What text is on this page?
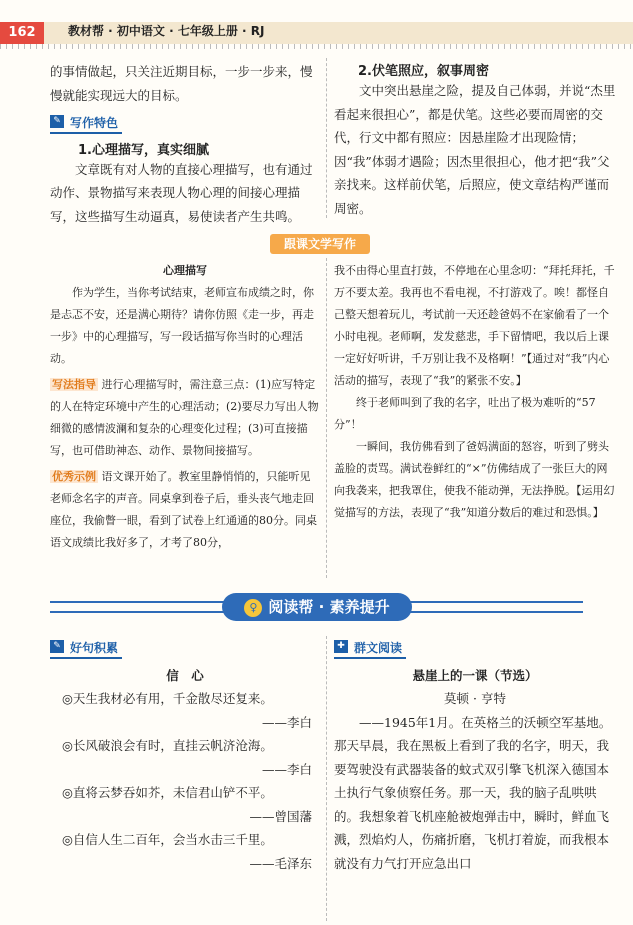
162	教材帮 · 初中语文 · 七年级上册 · RJ

的事情做起，只关注近期目标，一步一步来，慢慢就能实现远大的目标。

✎ 写作特色
1.心理描写，真实细腻

文章既有对人物的直接心理描写，也有通过动作、景物描写来表现人物心理的间接心理描写，这些描写生动逼真，易使读者产生共鸣。

2.伏笔照应，叙事周密

文中突出悬崖之险，提及自己体弱，并说“杰里看起来很担心”，都是伏笔。这些必要而周密的交代，行文中都有照应：因悬崖险才出现险情；因“我”体弱才遇险；因杰里很担心，他才把“我”父亲找来。这样前伏笔，后照应，使文章结构严谨而周密。

跟课文学写作
心理描写

作为学生，当你考试结束，老师宣布成绩之时，你是忐忑不安，还是满心期待？请你仿照《走一步，再走一步》中的心理描写，写一段话描写你当时的心理活动。

写法指导 进行心理描写时，需注意三点：(1)应写特定的人在特定环境中产生的心理活动；(2)要尽力写出人物细微的感情波澜和复杂的心理变化过程；(3)可直接描写，也可借助神态、动作、景物间接描写。

优秀示例 语文课开始了。教室里静悄悄的，只能听见老师念名字的声音。同桌拿到卷子后，垂头丧气地走回座位，我偷瞥一眼，看到了试卷上红通通的80分。同桌语文成绩比我好多了，才考了80分，

我不由得心里直打鼓，不停地在心里念叨：“拜托拜托，千万不要太差。我再也不看电视，不打游戏了。唉！都怪自己整天想着玩儿，考试前一天还趁爸妈不在家偷看了一个小时电视。老师啊，发发慈悲，手下留情吧，我以后上课一定好好听讲，千万别让我不及格啊！”【通过对“我”内心活动的描写，表现了“我”的紧张不安。】

终于老师叫到了我的名字，吐出了极为难听的“57分”！

一瞬间，我仿佛看到了爸妈满面的怒容，听到了劈头盖脸的责骂。满试卷鲜红的“×”仿佛结成了一张巨大的网向我袭来，把我罩住，使我不能动弹，无法挣脱。【运用幻觉描写的方法，表现了“我”知道分数后的难过和恐惧。】

♀ 阅读帮 · 素养提升
✎ 好句积累
信　心
◎天生我材必有用，千金散尽还复来。
——李白
◎长风破浪会有时，直挂云帆济沧海。
——李白
◎直将云梦吞如芥，未信君山铲不平。
——曾国藩
◎自信人生二百年，会当水击三千里。
——毛泽东
✚ 群文阅读
悬崖上的一课（节选）
莫顿 · 亨特

——1945年1月。在英格兰的沃顿空军基地。那天早晨，我在黑板上看到了我的名字，明天，我要驾驶没有武器装备的蚊式双引擎飞机深入德国本土执行气象侦察任务。那一天，我的脑子乱哄哄的。我想象着飞机座舱被炮弹击中，瞬时，鲜血飞溅，烈焰灼人，伤痛折磨，飞机打着旋，而我根本就没有力气打开应急出口
